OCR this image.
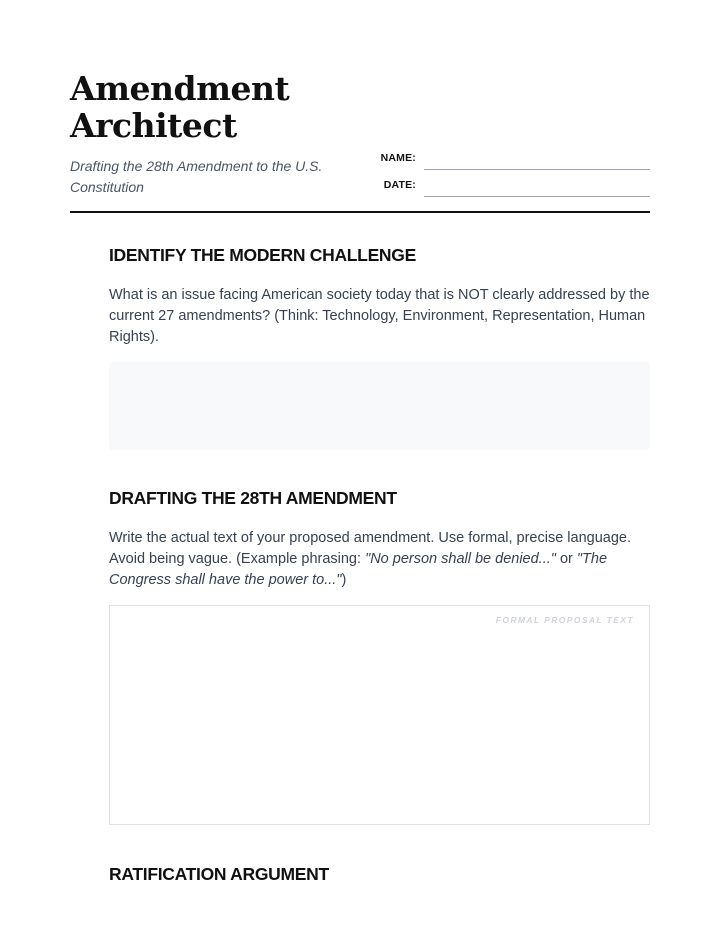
Amendment
Architect
Drafting the 28th Amendment to the U.S. Constitution
NAME:
DATE:
IDENTIFY THE MODERN CHALLENGE

What is an issue facing American society today that is NOT clearly addressed by the current 27 amendments? (Think: Technology, Environment, Representation, Human Rights).

DRAFTING THE 28TH AMENDMENT

Write the actual text of your proposed amendment. Use formal, precise language. Avoid being vague. (Example phrasing: "No person shall be denied..." or "The Congress shall have the power to...")

FORMAL PROPOSAL TEXT
RATIFICATION ARGUMENT
